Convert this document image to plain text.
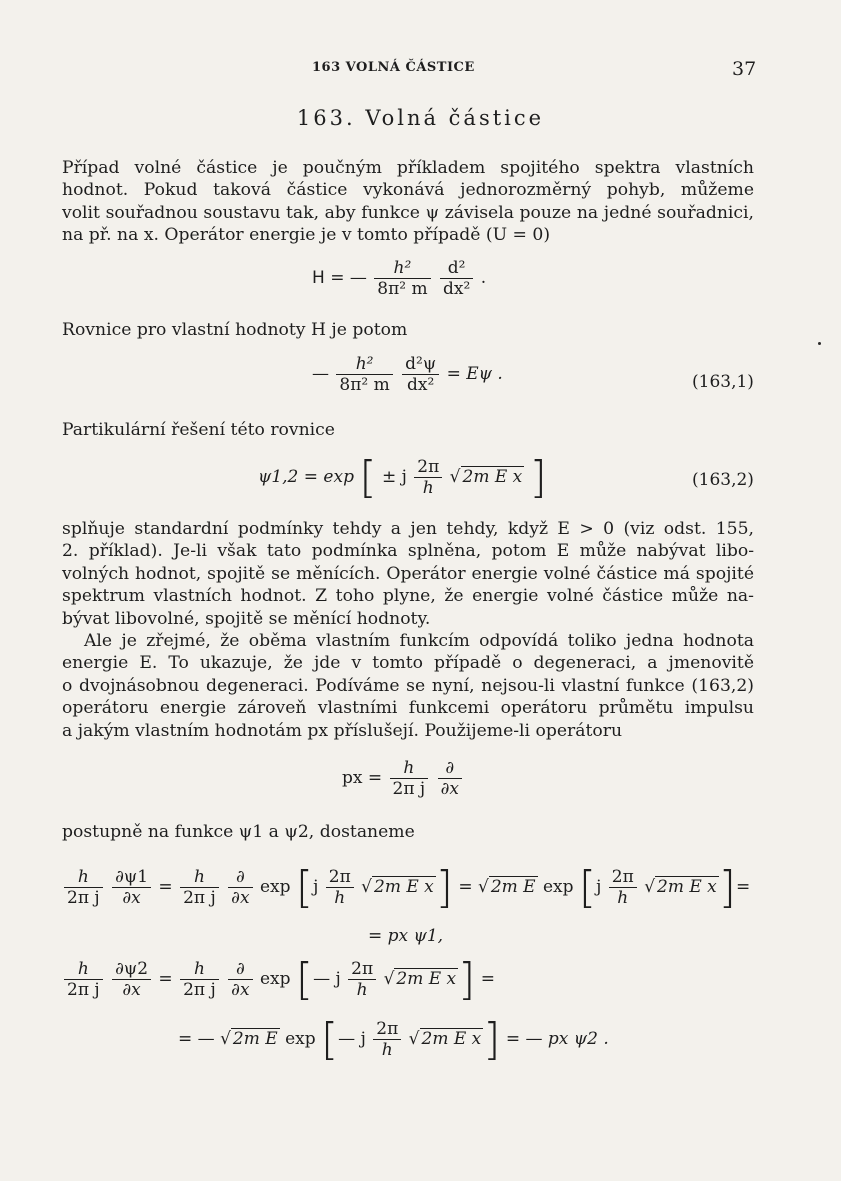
163 VOLNÁ ČÁSTICE	37
163. Volná částice
Případ volné částice je poučným příkladem spojitého spektra vlastních
hodnot. Pokud taková částice vykonává jednorozměrný pohyb, můžeme
volit souřadnou soustavu tak, aby funkce ψ závisela pouze na jedné souřadnici,
na př. na x. Operátor energie je v tomto případě (U = 0)
H = — $\frac{\text{h²}}{\text{8π² m}}$
$\frac{\text{d²}}{\text{dx²}}$ .
Rovnice pro vlastní hodnoty H je potom
— $\frac{\text{h²}}{\text{8π² m}}$
$\frac{\text{d²ψ}}{\text{dx²}} = E\psi$ .	(163,1)
Partikulární řešení této rovnice
ψ1,2 = exp [ ± j $\frac{2\pi}{h}$ √ 2m E x ]	(163,2)
splňuje standardní podmínky tehdy a jen tehdy, když E > 0 (viz odst. 155,
2. příklad). Je-li však tato podmínka splněna, potom E může nabývat libo-
volných hodnot, spojitě se měnících. Operátor energie volné částice má spojité
spektrum vlastních hodnot. Z toho plyne, že energie volné částice může na-
bývat libovolné, spojitě se měnící hodnoty.
Ale je zřejmé, že oběma vlastním funkcím odpovídá toliko jedna hodnota
energie E. To ukazuje, že jde v tomto případě o degeneraci, a jmenovitě
o dvojnásobnou degeneraci. Podíváme se nyní, nejsou-li vlastní funkce (163,2)
operátoru energie zároveň vlastními funkcemi operátoru průmětu impulsu
a jakým vlastním hodnotám px příslušejí. Použijeme-li operátoru
px = $\frac{h}{\text{2π j}}$
$\frac{\partial}{\partial x}$
postupně na funkce ψ1 a ψ2, dostaneme
$\frac{h}{\text{2π j}}$
$\frac{\partial\psi 1}{\partial x} = \frac{h}{\text{2π j}}$
$\frac{\partial}{\partial x}$ $\exp [j \frac{2\pi}{h}$ √ 2m E x] = √ 2m E $\exp [j \frac{2\pi}{h}$ √ 2m E x]=
= px ψ1,
$\frac{h}{\text{2π j}}$
$\frac{\partial\psi 2}{\partial x} = \frac{h}{\text{2π j}}$
$\frac{\partial}{\partial x}$ exp [— j $\frac{2\pi}{h}$ √ 2m E x] =
= — √ 2m E exp [— j $\frac{2\pi}{h}$ √ 2m E x] = — px ψ2 .
